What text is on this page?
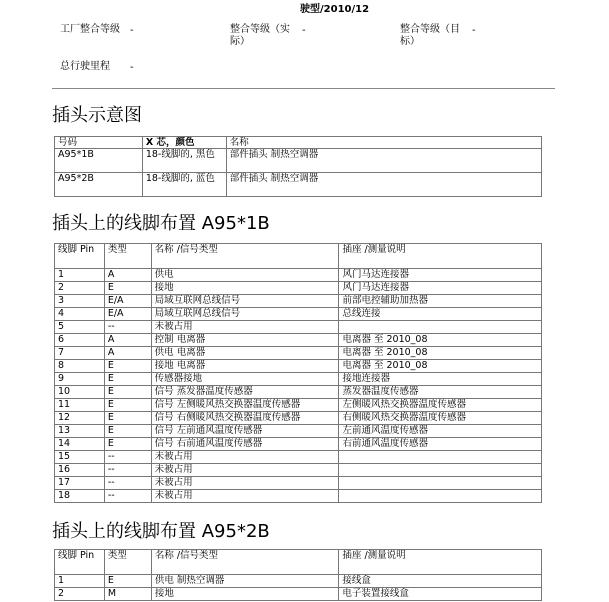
驶型/2010/12
工厂整合等级 -	整合等级（实际）
-	整合等级（目标）
-
总行驶里程 -
插头示意图
号码	X 芯，颜色	名称
A95*1B	18-线脚的, 黑色	部件插头 制热空调器
A95*2B	18-线脚的, 蓝色	部件插头 制热空调器
插头上的线脚布置 A95*1B
线脚 Pin	类型	名称 /信号类型	插座 /测量说明
1	A	供电	风门马达连接器
2	E	接地	风门马达连接器
3	E/A	局域互联网总线信号	前部电控辅助加热器
4	E/A	局域互联网总线信号	总线连接
5	--	未被占用	
6	A	控制 电离器	电离器 至 2010_08
7	A	供电 电离器	电离器 至 2010_08
8	E	接地 电离器	电离器 至 2010_08
9	E	传感器接地	接地连接器
10	E	信号 蒸发器温度传感器	蒸发器温度传感器
11	E	信号 左侧暖风热交换器温度传感器	左侧暖风热交换器温度传感器
12	E	信号 右侧暖风热交换器温度传感器	右侧暖风热交换器温度传感器
13	E	信号 左前通风温度传感器	左前通风温度传感器
14	E	信号 右前通风温度传感器	右前通风温度传感器
15	--	未被占用	
16	--	未被占用	
17	--	未被占用	
18	--	未被占用	
插头上的线脚布置 A95*2B
线脚 Pin	类型	名称 /信号类型	插座 /测量说明
1	E	供电 制热空调器	接线盒
2	M	接地	电子装置接线盒
